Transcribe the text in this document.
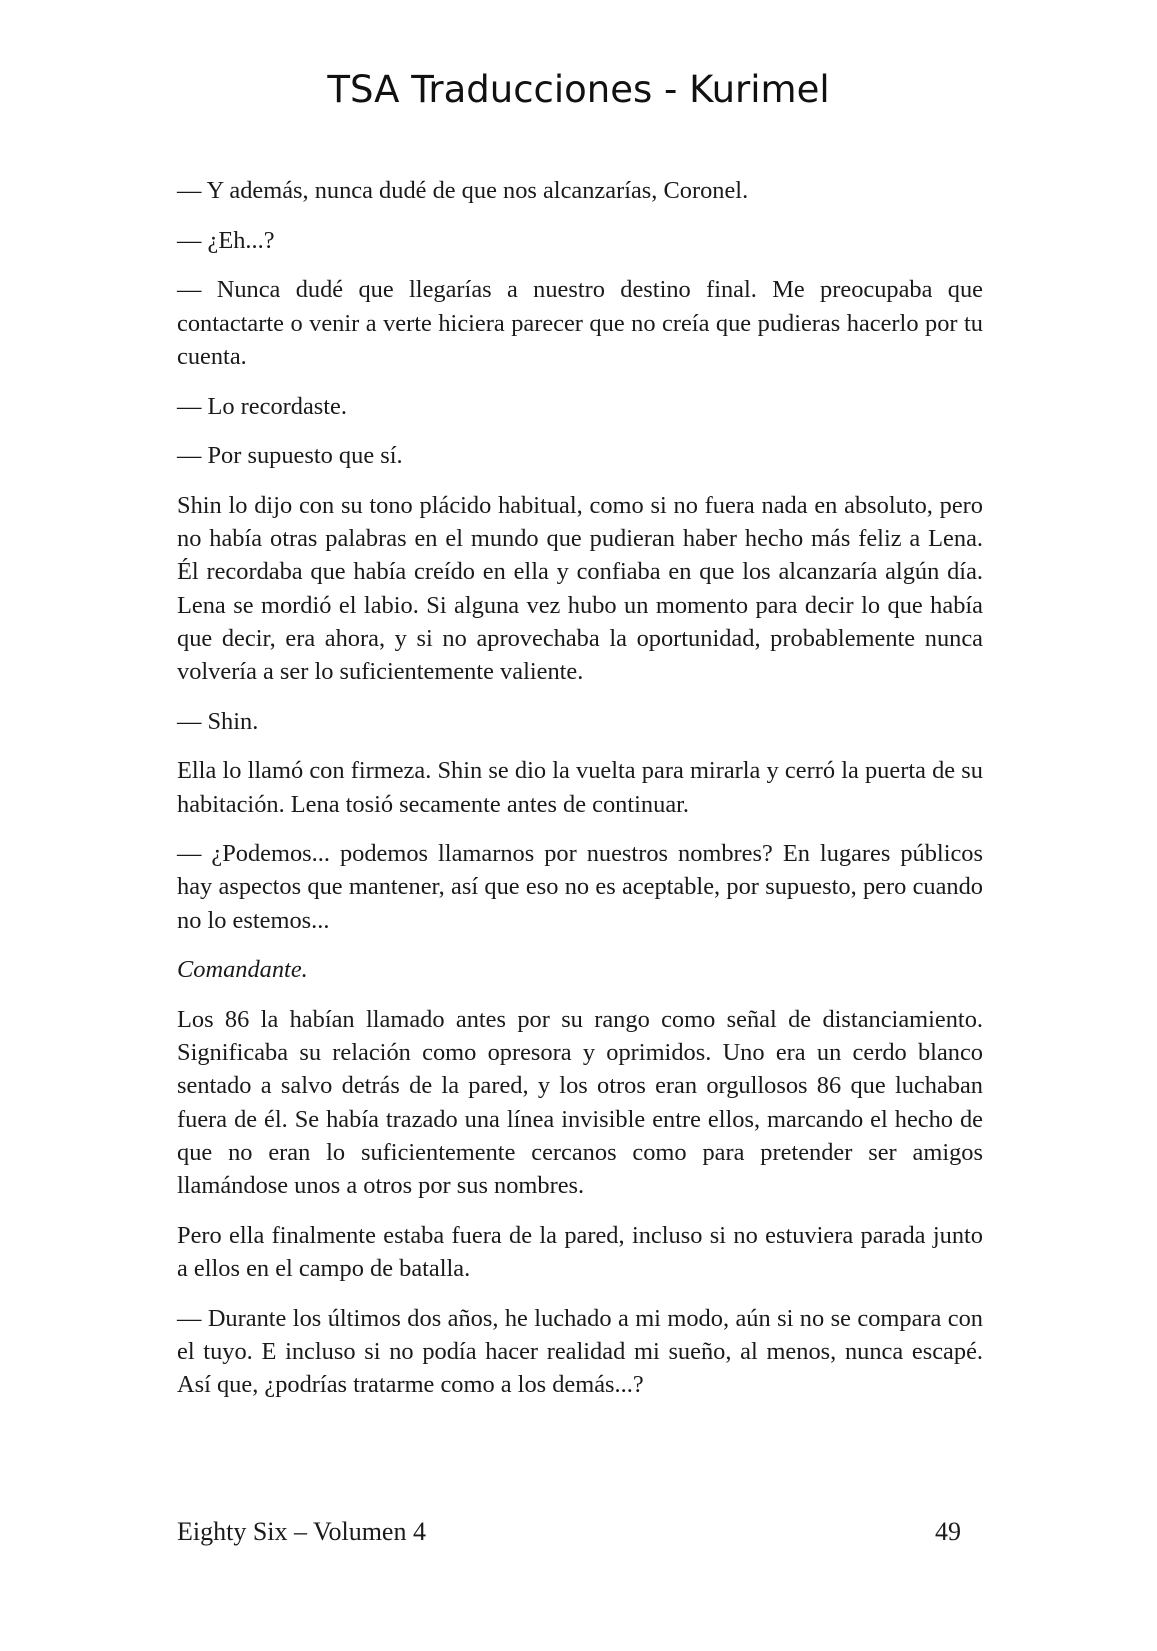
TSA Traducciones - Kurimel

— Y además, nunca dudé de que nos alcanzarías, Coronel.

— ¿Eh...?

— Nunca dudé que llegarías a nuestro destino final. Me preocupaba que contactarte o venir a verte hiciera parecer que no creía que pudieras hacerlo por tu cuenta.

— Lo recordaste.

— Por supuesto que sí.

Shin lo dijo con su tono plácido habitual, como si no fuera nada en absoluto, pero no había otras palabras en el mundo que pudieran haber hecho más feliz a Lena. Él recordaba que había creído en ella y confiaba en que los alcanzaría algún día. Lena se mordió el labio. Si alguna vez hubo un momento para decir lo que había que decir, era ahora, y si no aprovechaba la oportunidad, probablemente nunca volvería a ser lo suficientemente valiente.

— Shin.

Ella lo llamó con firmeza. Shin se dio la vuelta para mirarla y cerró la puerta de su habitación. Lena tosió secamente antes de continuar.

— ¿Podemos... podemos llamarnos por nuestros nombres? En lugares públicos hay aspectos que mantener, así que eso no es aceptable, por supuesto, pero cuando no lo estemos...

Comandante.

Los 86 la habían llamado antes por su rango como señal de distanciamiento. Significaba su relación como opresora y oprimidos. Uno era un cerdo blanco sentado a salvo detrás de la pared, y los otros eran orgullosos 86 que luchaban fuera de él. Se había trazado una línea invisible entre ellos, marcando el hecho de que no eran lo suficientemente cercanos como para pretender ser amigos llamándose unos a otros por sus nombres.

Pero ella finalmente estaba fuera de la pared, incluso si no estuviera parada junto a ellos en el campo de batalla.

— Durante los últimos dos años, he luchado a mi modo, aún si no se compara con el tuyo. E incluso si no podía hacer realidad mi sueño, al menos, nunca escapé. Así que, ¿podrías tratarme como a los demás...?

Eighty Six – Volumen 4	49
